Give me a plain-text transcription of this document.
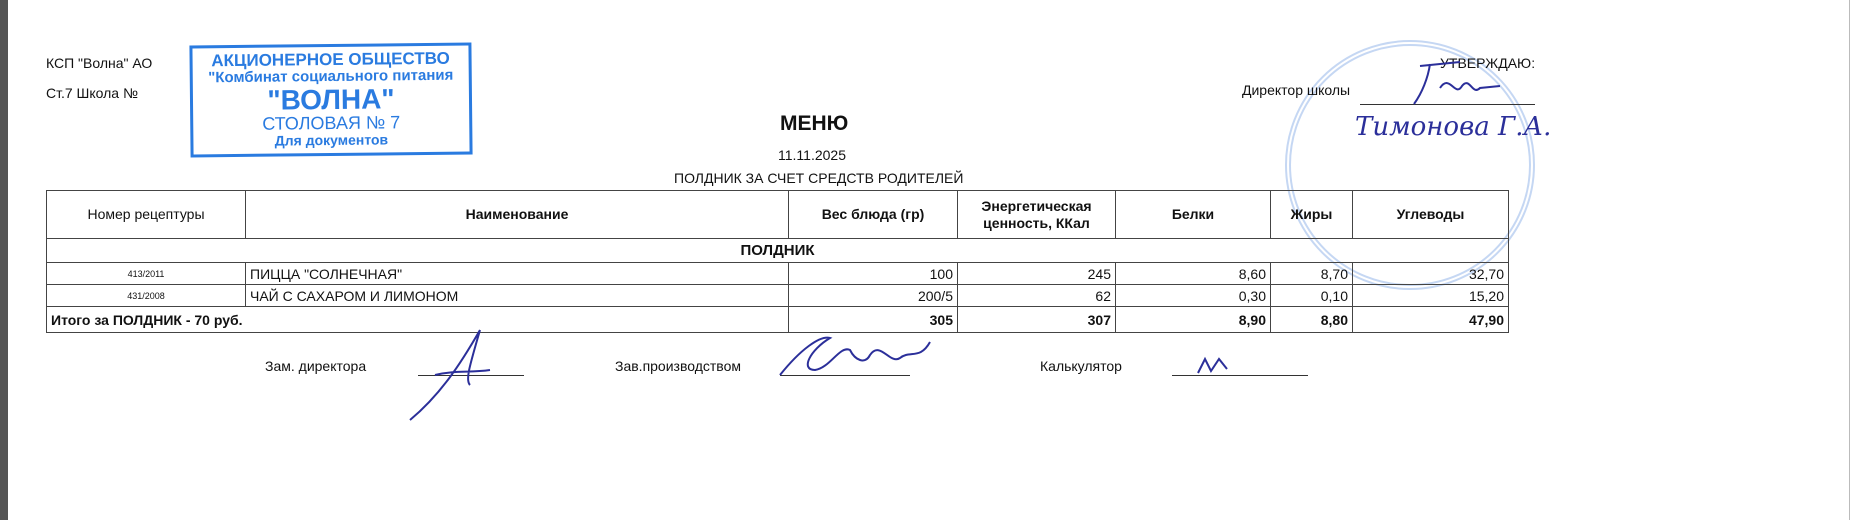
КСП "Волна" АО
Ст.7 Школа №
АКЦИОНЕРНОЕ ОБЩЕСТВО
"Комбинат социального питания
"ВОЛНА"
СТОЛОВАЯ № 7
Для документов
УТВЕРЖДАЮ:
Директор школы
Тимонова Г.А.
МЕНЮ
11.11.2025
ПОЛДНИК ЗА СЧЕТ СРЕДСТВ РОДИТЕЛЕЙ
Номер рецептуры	Наименование	Вес блюда (гр)	Энергетическая ценность, ККал	Белки	Жиры	Углеводы
ПОЛДНИК						
413/2011	ПИЦЦА "СОЛНЕЧНАЯ"	100	245	8,60	8,70	32,70
431/2008	ЧАЙ С САХАРОМ И ЛИМОНОМ	200/5	62	0,30	0,10	15,20
Итого за ПОЛДНИК - 70 руб.		305	307	8,90	8,80	47,90
Зам. директора	Зав.производством	Калькулятор
